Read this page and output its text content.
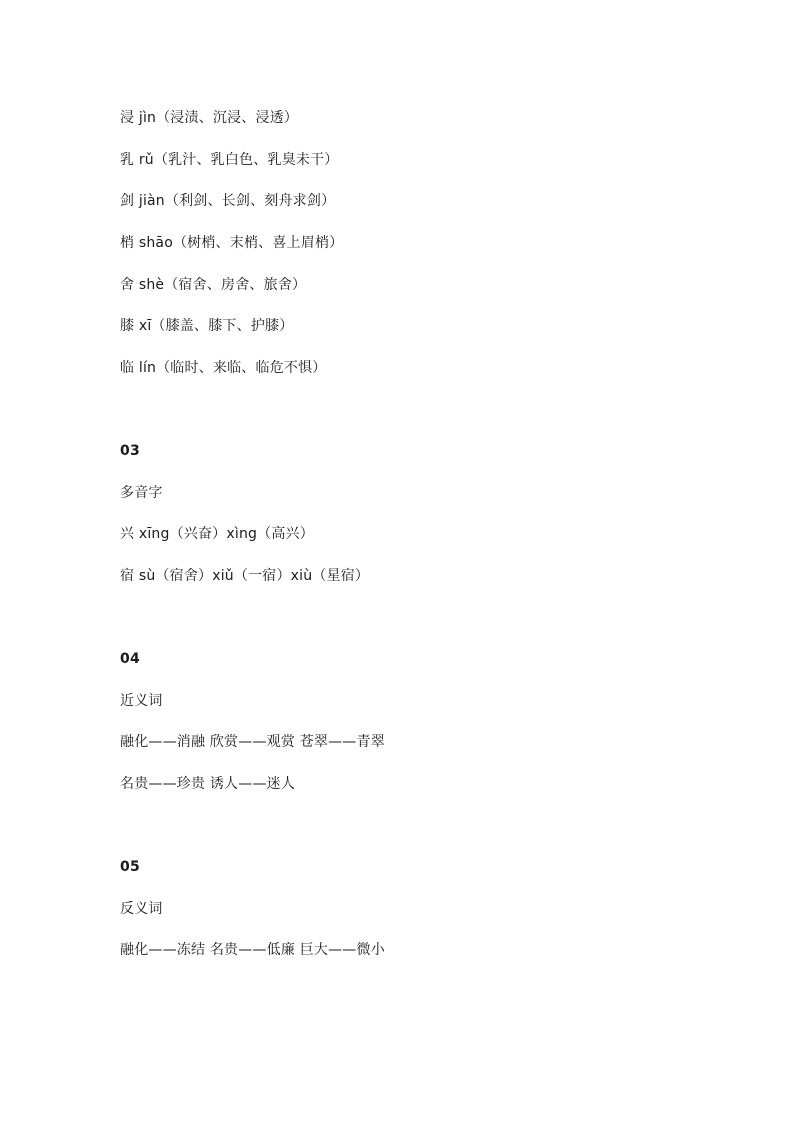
浸 jìn（浸渍、沉浸、浸透）
乳 rǔ（乳汁、乳白色、乳臭未干）
剑 jiàn（利剑、长剑、刻舟求剑）
梢 shāo（树梢、末梢、喜上眉梢）
舍 shè（宿舍、房舍、旅舍）
膝 xī（膝盖、膝下、护膝）
临 lín（临时、来临、临危不惧）
03
多音字
兴 xīng（兴奋）xìng（高兴）
宿 sù（宿舍）xiǔ（一宿）xiù（星宿）
04
近义词
融化——消融 欣赏——观赏 苍翠——青翠
名贵——珍贵 诱人——迷人
05
反义词
融化——冻结 名贵——低廉 巨大——微小
